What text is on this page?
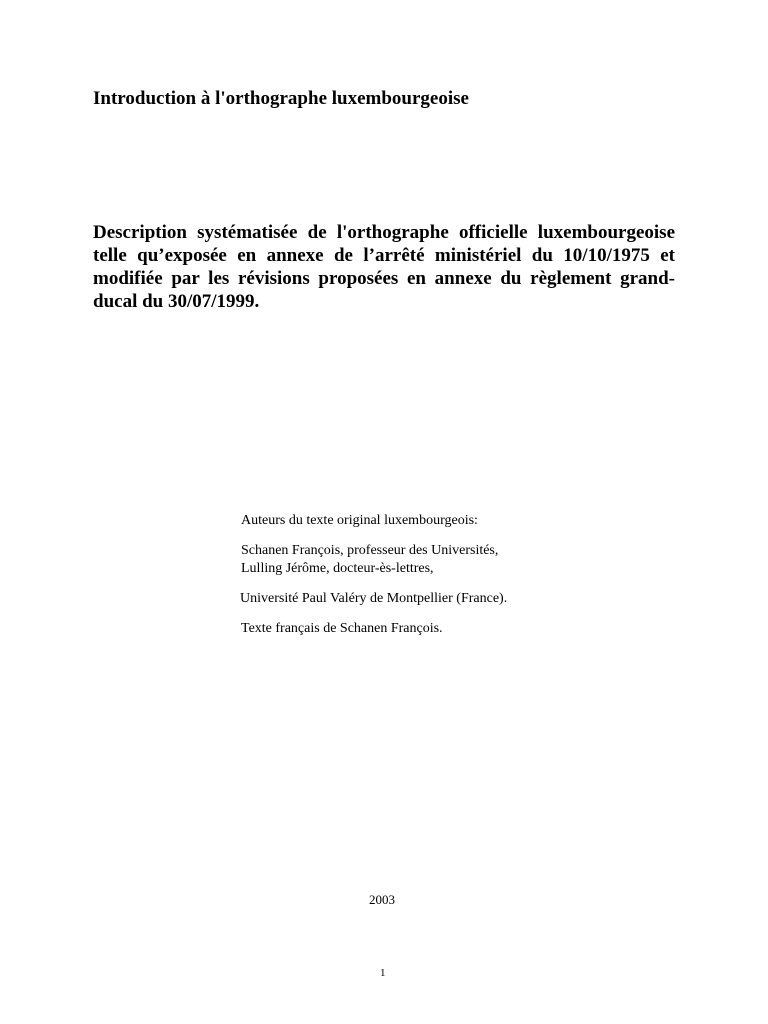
Introduction à l'orthographe luxembourgeoise

Description systématisée de l'orthographe officielle luxembourgeoise telle qu’exposée en annexe de l’arrêté ministériel du 10/10/1975 et modifiée par les révisions proposées en annexe du règlement grand-ducal du 30/07/1999.

Auteurs du texte original luxembourgeois:

Schanen François, professeur des Universités,

Lulling Jérôme, docteur-ès-lettres,

Université Paul Valéry de Montpellier (France).

Texte français de Schanen François.

2003

1
